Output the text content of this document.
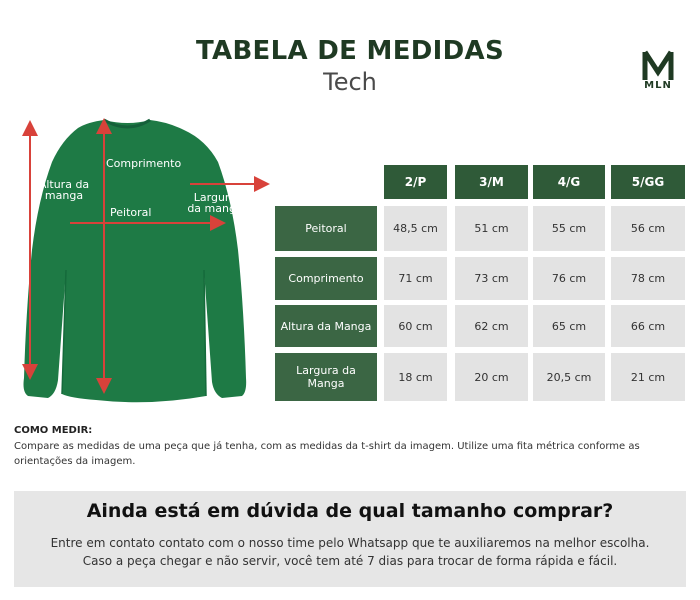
TABELA DE MEDIDAS
Tech	MLN
Comprimento
Altura da manga	Largura da manga
Peitoral
2/P	3/M	4/G	5/GG
Peitoral	48,5 cm	51 cm	55 cm	56 cm
Comprimento	71 cm	73 cm	76 cm	78 cm
Altura da Manga	60 cm	62 cm	65 cm	66 cm
Largura da Manga	18 cm	20 cm	20,5 cm	21 cm
COMO MEDIR:
Compare as medidas de uma peça que já tenha, com as medidas da t-shirt da imagem. Utilize uma fita métrica conforme as orientações da imagem.
Ainda está em dúvida de qual tamanho comprar?
Entre em contato contato com o nosso time pelo Whatsapp que te auxiliaremos na melhor escolha.
Caso a peça chegar e não servir, você tem até 7 dias para trocar de forma rápida e fácil.
